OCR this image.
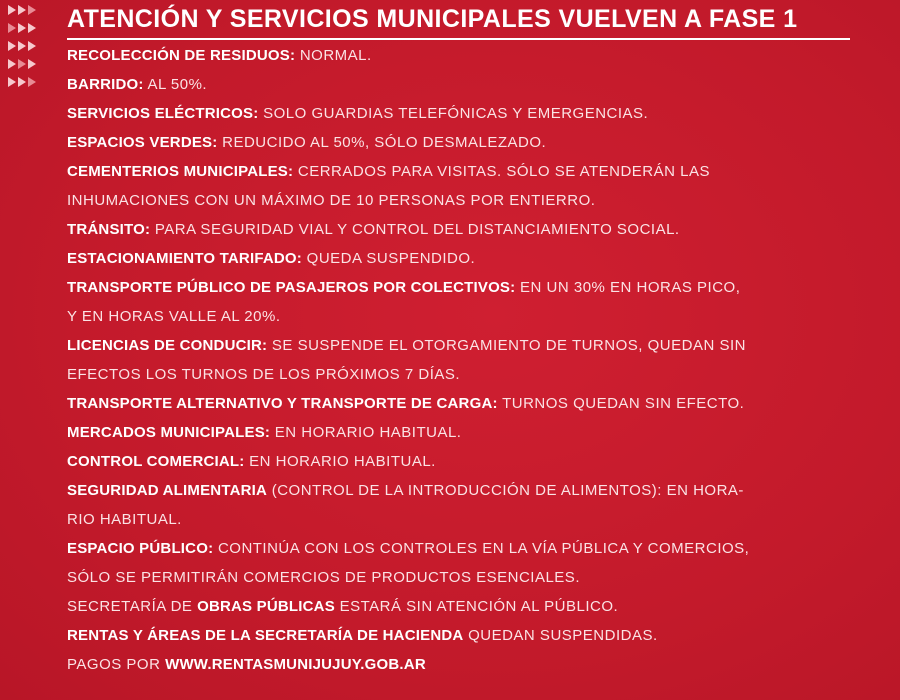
ATENCIÓN Y SERVICIOS MUNICIPALES VUELVEN A FASE 1
RECOLECCIÓN DE RESIDUOS: NORMAL.
BARRIDO: AL 50%.
SERVICIOS ELÉCTRICOS: SOLO GUARDIAS TELEFÓNICAS Y EMERGENCIAS.
ESPACIOS VERDES: REDUCIDO AL 50%, SÓLO DESMALEZADO.
CEMENTERIOS MUNICIPALES: CERRADOS PARA VISITAS. SÓLO SE ATENDERÁN LAS
INHUMACIONES CON UN MÁXIMO DE 10 PERSONAS POR ENTIERRO.
TRÁNSITO: PARA SEGURIDAD VIAL Y CONTROL DEL DISTANCIAMIENTO SOCIAL.
ESTACIONAMIENTO TARIFADO: QUEDA SUSPENDIDO.
TRANSPORTE PÚBLICO DE PASAJEROS POR COLECTIVOS: EN UN 30% EN HORAS PICO,
Y EN HORAS VALLE AL 20%.
LICENCIAS DE CONDUCIR: SE SUSPENDE EL OTORGAMIENTO DE TURNOS, QUEDAN SIN
EFECTOS LOS TURNOS DE LOS PRÓXIMOS 7 DÍAS.
TRANSPORTE ALTERNATIVO Y TRANSPORTE DE CARGA: TURNOS QUEDAN SIN EFECTO.
MERCADOS MUNICIPALES: EN HORARIO HABITUAL.
CONTROL COMERCIAL: EN HORARIO HABITUAL.
SEGURIDAD ALIMENTARIA (CONTROL DE LA INTRODUCCIÓN DE ALIMENTOS): EN HORA-
RIO HABITUAL.
ESPACIO PÚBLICO: CONTINÚA CON LOS CONTROLES EN LA VÍA PÚBLICA Y COMERCIOS,
SÓLO SE PERMITIRÁN COMERCIOS DE PRODUCTOS ESENCIALES.
SECRETARÍA DE OBRAS PÚBLICAS ESTARÁ SIN ATENCIÓN AL PÚBLICO.
RENTAS Y ÁREAS DE LA SECRETARÍA DE HACIENDA QUEDAN SUSPENDIDAS.
PAGOS POR WWW.RENTASMUNIJUJUY.GOB.AR
